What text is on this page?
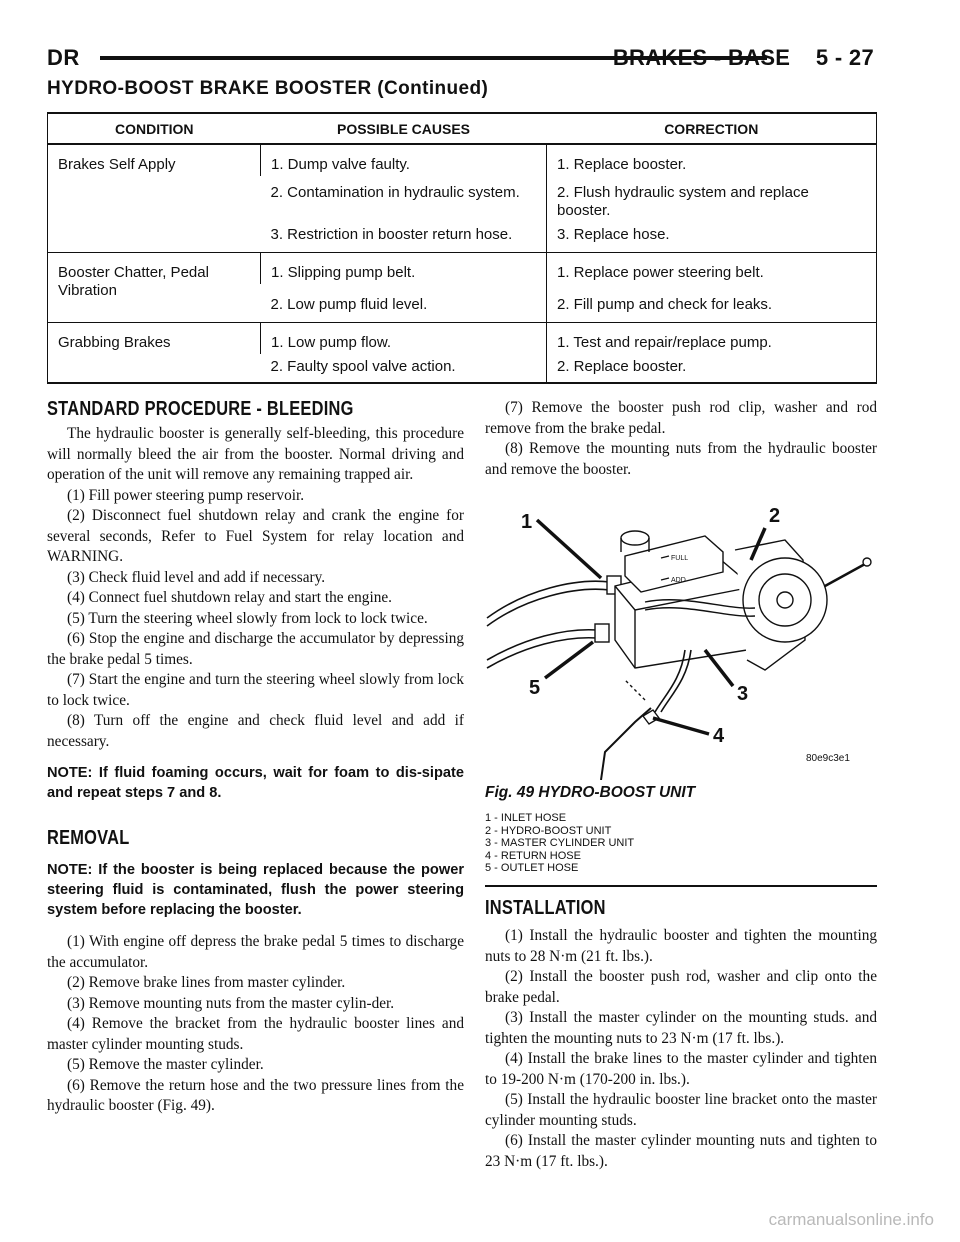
DR	BRAKES - BASE    5 - 27
HYDRO-BOOST BRAKE BOOSTER (Continued)
CONDITION	POSSIBLE CAUSES	CORRECTION
Brakes Self Apply	1. Dump valve faulty.	1. Replace booster.
	2. Contamination in hydraulic system.	2. Flush hydraulic system and replace booster.
	3. Restriction in booster return hose.	3. Replace hose.
Booster Chatter, Pedal Vibration	1. Slipping pump belt.	1. Replace power steering belt.
	2. Low pump fluid level.	2. Fill pump and check for leaks.
Grabbing Brakes	1. Low pump flow.	1. Test and repair/replace pump.
	2. Faulty spool valve action.	2. Replace booster.
STANDARD PROCEDURE - BLEEDING

The hydraulic booster is generally self-bleeding, this procedure will normally bleed the air from the booster. Normal driving and operation of the unit will remove any remaining trapped air.

(1) Fill power steering pump reservoir.

(2) Disconnect fuel shutdown relay and crank the engine for several seconds, Refer to Fuel System for relay location and WARNING.

(3) Check fluid level and add if necessary.

(4) Connect fuel shutdown relay and start the engine.

(5) Turn the steering wheel slowly from lock to lock twice.

(6) Stop the engine and discharge the accumulator by depressing the brake pedal 5 times.

(7) Start the engine and turn the steering wheel slowly from lock to lock twice.

(8) Turn off the engine and check fluid level and add if necessary.

NOTE: If fluid foaming occurs, wait for foam to dis-sipate and repeat steps 7 and 8.

REMOVAL

NOTE: If the booster is being replaced because the power steering fluid is contaminated, flush the power steering system before replacing the booster.

(1) With engine off depress the brake pedal 5 times to discharge the accumulator.

(2) Remove brake lines from master cylinder.

(3) Remove mounting nuts from the master cylin-der.

(4) Remove the bracket from the hydraulic booster lines and master cylinder mounting studs.

(5) Remove the master cylinder.

(6) Remove the return hose and the two pressure lines from the hydraulic booster (Fig. 49).

(7) Remove the booster push rod clip, washer and rod remove from the brake pedal.

(8) Remove the mounting nuts from the hydraulic booster and remove the booster.

FULL
ADD
1	2
3
4
5
80e9c3e1
Fig. 49 HYDRO-BOOST UNIT
1 - INLET HOSE
2 - HYDRO-BOOST UNIT
3 - MASTER CYLINDER UNIT
4 - RETURN HOSE
5 - OUTLET HOSE
INSTALLATION

(1) Install the hydraulic booster and tighten the mounting nuts to 28 N·m (21 ft. lbs.).

(2) Install the booster push rod, washer and clip onto the brake pedal.

(3) Install the master cylinder on the mounting studs. and tighten the mounting nuts to 23 N·m (17 ft. lbs.).

(4) Install the brake lines to the master cylinder and tighten to 19-200 N·m (170-200 in. lbs.).

(5) Install the hydraulic booster line bracket onto the master cylinder mounting studs.

(6) Install the master cylinder mounting nuts and tighten to 23 N·m (17 ft. lbs.).

carmanualsonline.info
